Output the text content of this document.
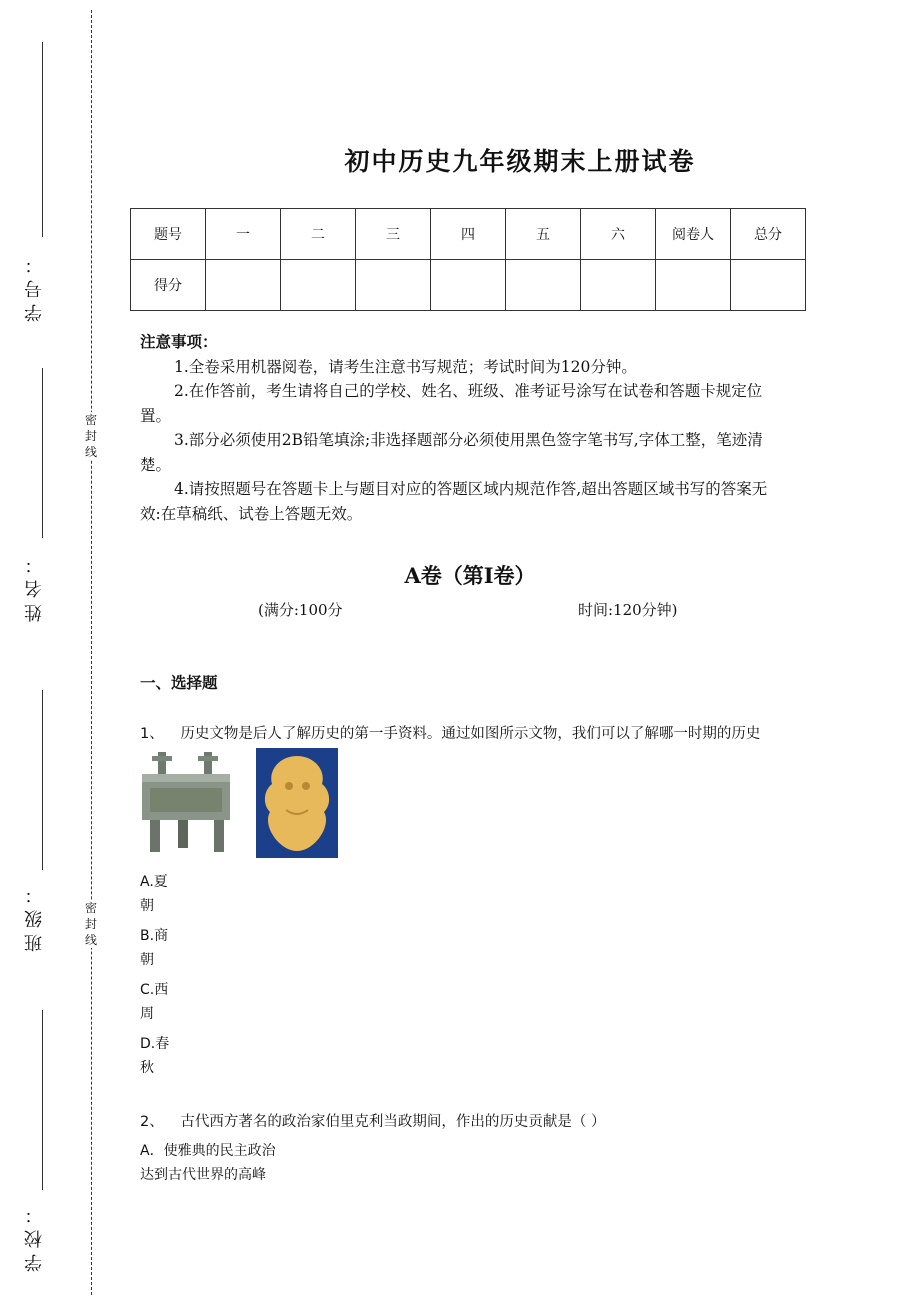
学号：
姓名：
班级：
学校：
密封线
密封线
初中历史九年级期末上册试卷
题号	一	二	三	四	五	六	阅卷人	总分
得分								
注意事项：

1.全卷采用机器阅卷，请考生注意书写规范；考试时间为120分钟。

2.在作答前，考生请将自己的学校、姓名、班级、准考证号涂写在试卷和答题卡规定位置。

3.部分必须使用2B铅笔填涂;非选择题部分必须使用黑色签字笔书写,字体工整，笔迹清楚。

4.请按照题号在答题卡上与题目对应的答题区域内规范作答,超出答题区域书写的答案无效:在草稿纸、试卷上答题无效。

A卷（第I卷）
(满分:100分	时间:120分钟)
一、选择题
1、 历史文物是后人了解历史的第一手资料。通过如图所示文物，我们可以了解哪一时期的历史
A.夏
朝
B.商
朝
C.西
周
D.春
秋
2、 古代西方著名的政治家伯里克利当政期间，作出的历史贡献是（ ）
A．使雅典的民主政治
达到古代世界的高峰
